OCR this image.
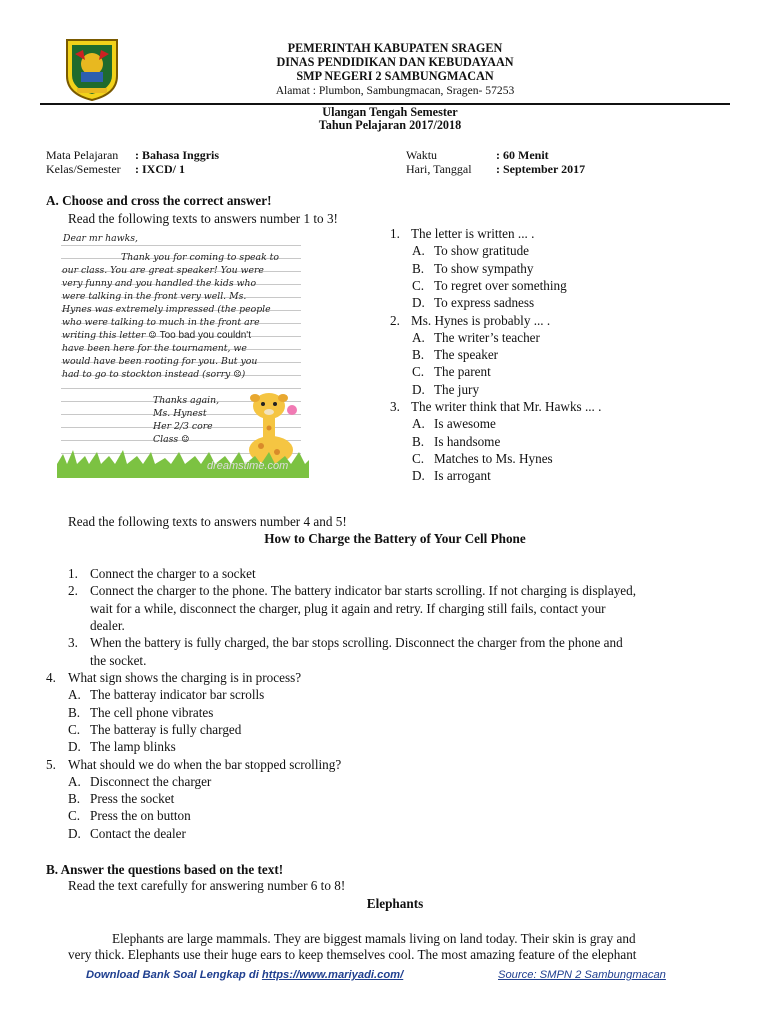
PEMERINTAH KABUPATEN SRAGEN
DINAS PENDIDIKAN DAN KEBUDAYAAN
SMP NEGERI 2 SAMBUNGMACAN
Alamat : Plumbon, Sambungmacan, Sragen- 57253
Ulangan Tengah Semester
Tahun Pelajaran 2017/2018
Mata Pelajaran : Bahasa Inggris
Kelas/Semester : IXCD/ 1
Waktu	: 60 Menit
Hari, Tanggal : September 2017
A. Choose and cross the correct answer!
Read the following texts to answers number 1 to 3!
Dear mr hawks,
Thank you for coming to speak to
our class. You are great speaker! You were
very funny and you handled the kids who
were talking in the front very well. Ms.
Hynes was extremely impressed (the people
who were talking to much in the front are
writing this letter ☺ Too bad you couldn't
have been here for the tournament, we
would have been rooting for you. But you
had to go to stockton instead (sorry ☹)
Thanks again,
Ms. Hynest
Her 2/3 core
Class ☺
dreamstime.com
1. The letter is written ... .
A. To show gratitude
B. To show sympathy
C. To regret over something
D. To express sadness
2. Ms. Hynes is probably ... .
A. The writer’s teacher
B. The speaker
C. The parent
D. The jury
3. The writer think that Mr. Hawks ... .
A. Is awesome
B. Is handsome
C. Matches to Ms. Hynes
D. Is arrogant
Read the following texts to answers number 4 and 5!
How to Charge the Battery of Your Cell Phone
1. Connect the charger to a socket
2. Connect the charger to the phone. The battery indicator bar starts scrolling. If not charging is displayed,
wait for a while, disconnect the charger, plug it again and retry. If charging still fails, contact your
dealer.
3. When the battery is fully charged, the bar stops scrolling. Disconnect the charger from the phone and
the socket.
4. What sign shows the charging is in process?
A. The batteray indicator bar scrolls
B. The cell phone vibrates
C. The batteray is fully charged
D. The lamp blinks
5. What should we do when the bar stopped scrolling?
A. Disconnect the charger
B. Press the socket
C. Press the on button
D. Contact the dealer
B. Answer the questions based on the text!
Read the text carefully for answering number 6 to 8!
Elephants
Elephants are large mammals. They are biggest mamals living on land today. Their skin is gray and
very thick. Elephants use their huge ears to keep themselves cool. The most amazing feature of the elephant
Download Bank Soal Lengkap di https://www.mariyadi.com/	Source: SMPN 2 Sambungmacan
